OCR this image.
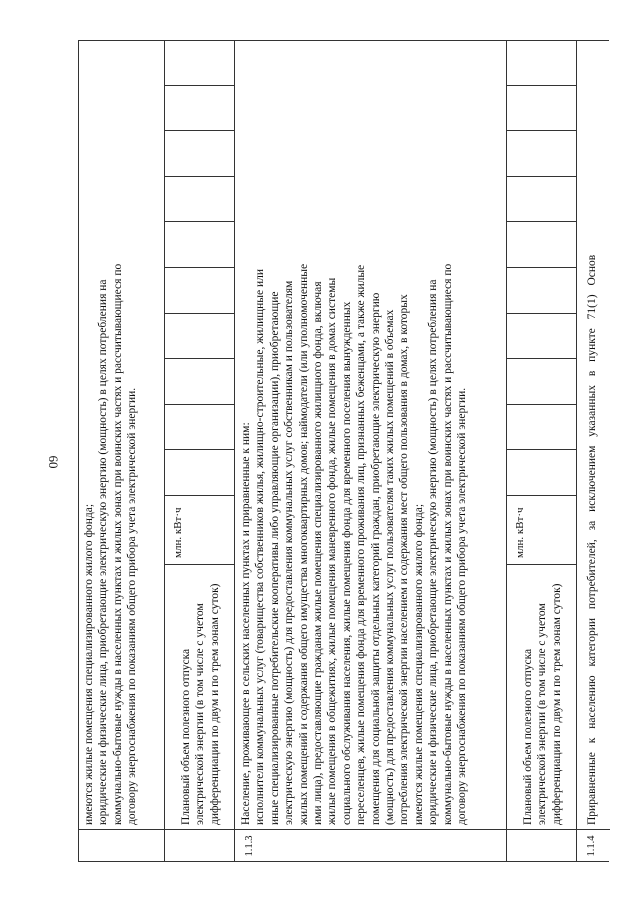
60
имеются жилые помещения специализированного жилого фонда; юридические и физические лица, приобретающие электрическую энергию (мощность) в целях потребления на коммунально-бытовые нужды в населенных пунктах и жилых зонах при воинских частях и рассчитывающиеся по договору энергоснабжения по показаниям общего прибора учета электрической энергии.	Плановый объем полезного отпуска электрической энергии (в том числе с учетом дифференциации по двум и по трем зонам суток)
млн. кВт·ч
1.1.3
Население, проживающее в сельских населенных пунктах и приравненные к ним: исполнители коммунальных услуг (товарищества собственников жилья, жилищно-строительные, жилищные или иные специализированные потребительские кооперативы либо управляющие организации), приобретающие электрическую энергию (мощность) для предоставления коммунальных услуг собственникам и пользователям жилых помещений и содержания общего имущества многоквартирных домов; наймодатели (или уполномоченные ими лица), предоставляющие гражданам жилые помещения специализированного жилищного фонда, включая жилые помещения в общежитиях, жилые помещения маневренного фонда, жилые помещения в домах системы социального обслуживания населения, жилые помещения фонда для временного поселения вынужденных переселенцев, жилые помещения фонда для временного проживания лиц, признанных беженцами, а также жилые помещения для социальной защиты отдельных категорий граждан, приобретающие электрическую энергию (мощность) для предоставления коммунальных услуг пользователям таких жилых помещений в объемах потребления электрической энергии населением и содержания мест общего пользования в домах, в которых имеются жилые помещения специализированного жилого фонда; юридические и физические лица, приобретающие электрическую энергию (мощность) в целях потребления на коммунально-бытовые нужды в населенных пунктах и жилых зонах при воинских частях и рассчитывающиеся по договору энергоснабжения по показаниям общего прибора учета электрической энергии.	Плановый объем полезного отпуска электрической энергии (в том числе с учетом дифференциации по двум и по трем зонам суток)
млн. кВт·ч
1.1.4
Приравненные к населению категории потребителей, за исключением указанных в пункте 71(1) Основ
